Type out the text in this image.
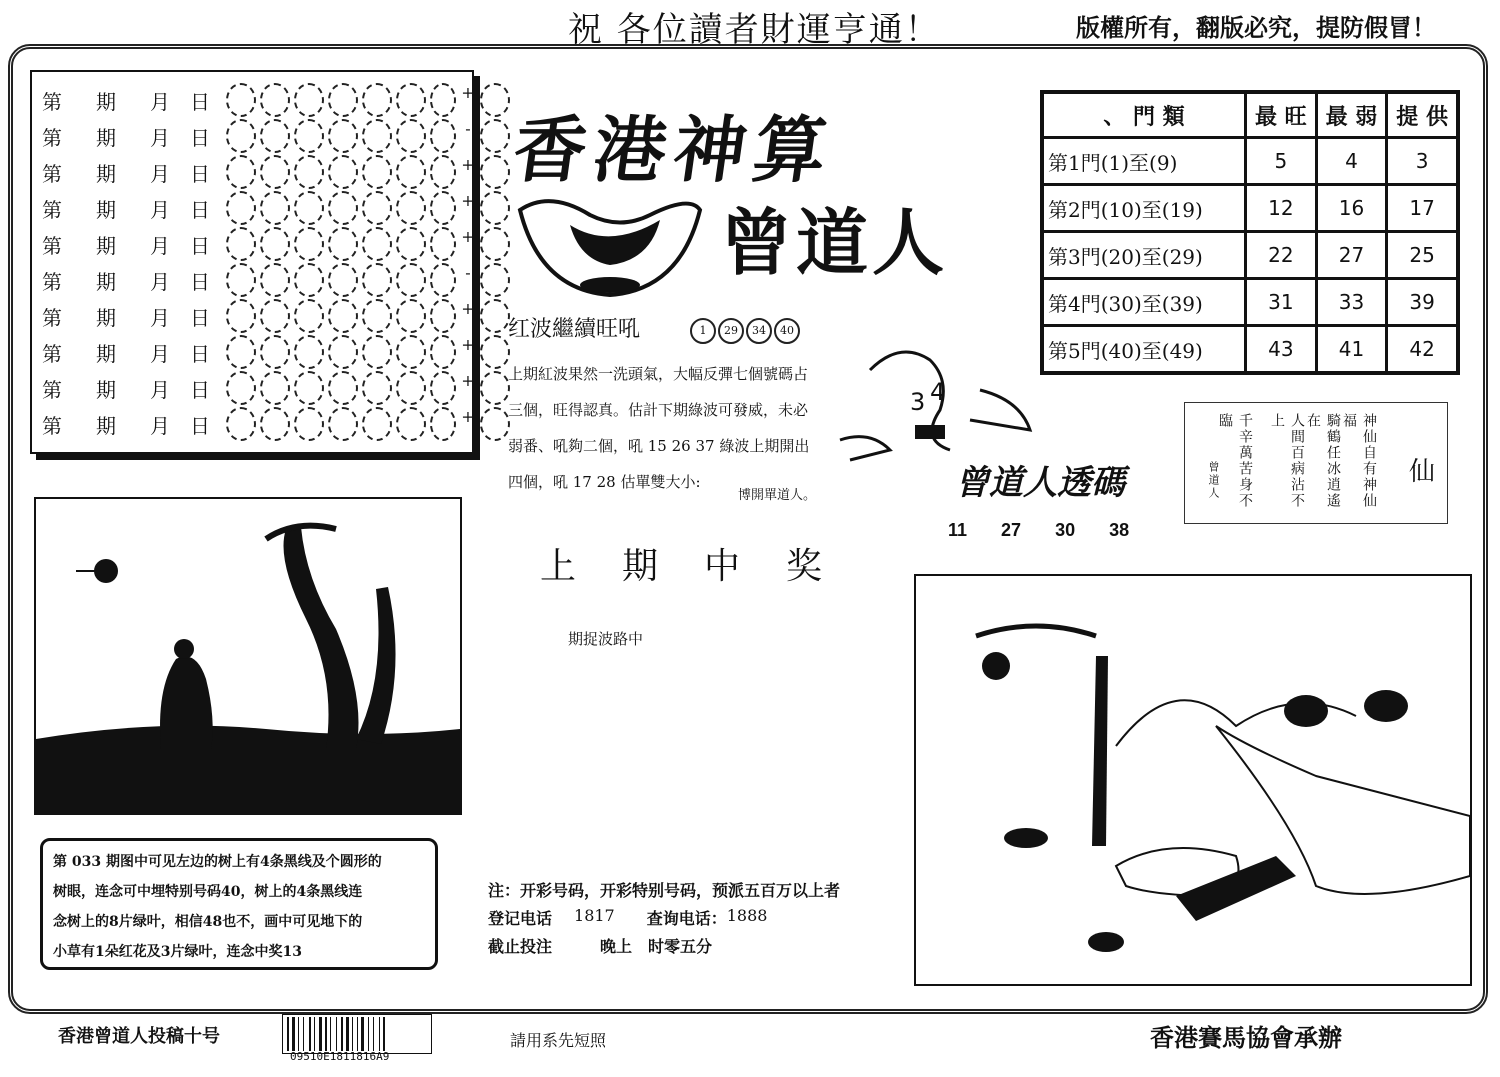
祝 各位讀者財運亨通！	版權所有，翻版必究，提防假冒！
第	期	月	日	+
第	期	月	日	-
第	期	月	日	+
第	期	月	日	+
第	期	月	日	+
第	期	月	日	-
第	期	月	日	+
第	期	月	日	+
第	期	月	日	+
第	期	月	日	+
香港神算
曾道人
红波繼續旺吼	1	29	34	40
上期紅波果然一洗頭氣，大幅反彈七個號碼占
三個，旺得認真。估計下期綠波可發威，未必
弱番、吼夠二個，吼 15 26 37 綠波上期開出
四個，吼 17 28 估單雙大小:
博開單道人。
上期中奖
期捉波路中
、 門 類	最 旺	最 弱	提 供
第1門(1)至(9)	5	4	3
第2門(10)至(19)	12	16	17
第3門(20)至(29)	22	27	25
第4門(30)至(39)	31	33	39
第5門(40)至(49)	43	41	42
3 4
神仙自有神仙福
騎鶴任冰逍遙在
人間百病沾不上
千辛萬苦身不臨
曾道人	仙
曾道人透碼
11 27 30 38
第 033 期图中可见左边的树上有4条黑线及个圆形的
树眼，连念可中埋特别号码40，树上的4条黑线连
念树上的8片绿叶，相信48也不，画中可见地下的
小草有1朵红花及3片绿叶，连念中奖13
注：开彩号码，开彩特别号码，预派五百万以上者
登记电话 1817 查询电话： 1888
截止投注　　　晚上　时零五分
香港曾道人投稿十号
09510E1811816A9
請用系先短照	香港賽馬協會承辦
